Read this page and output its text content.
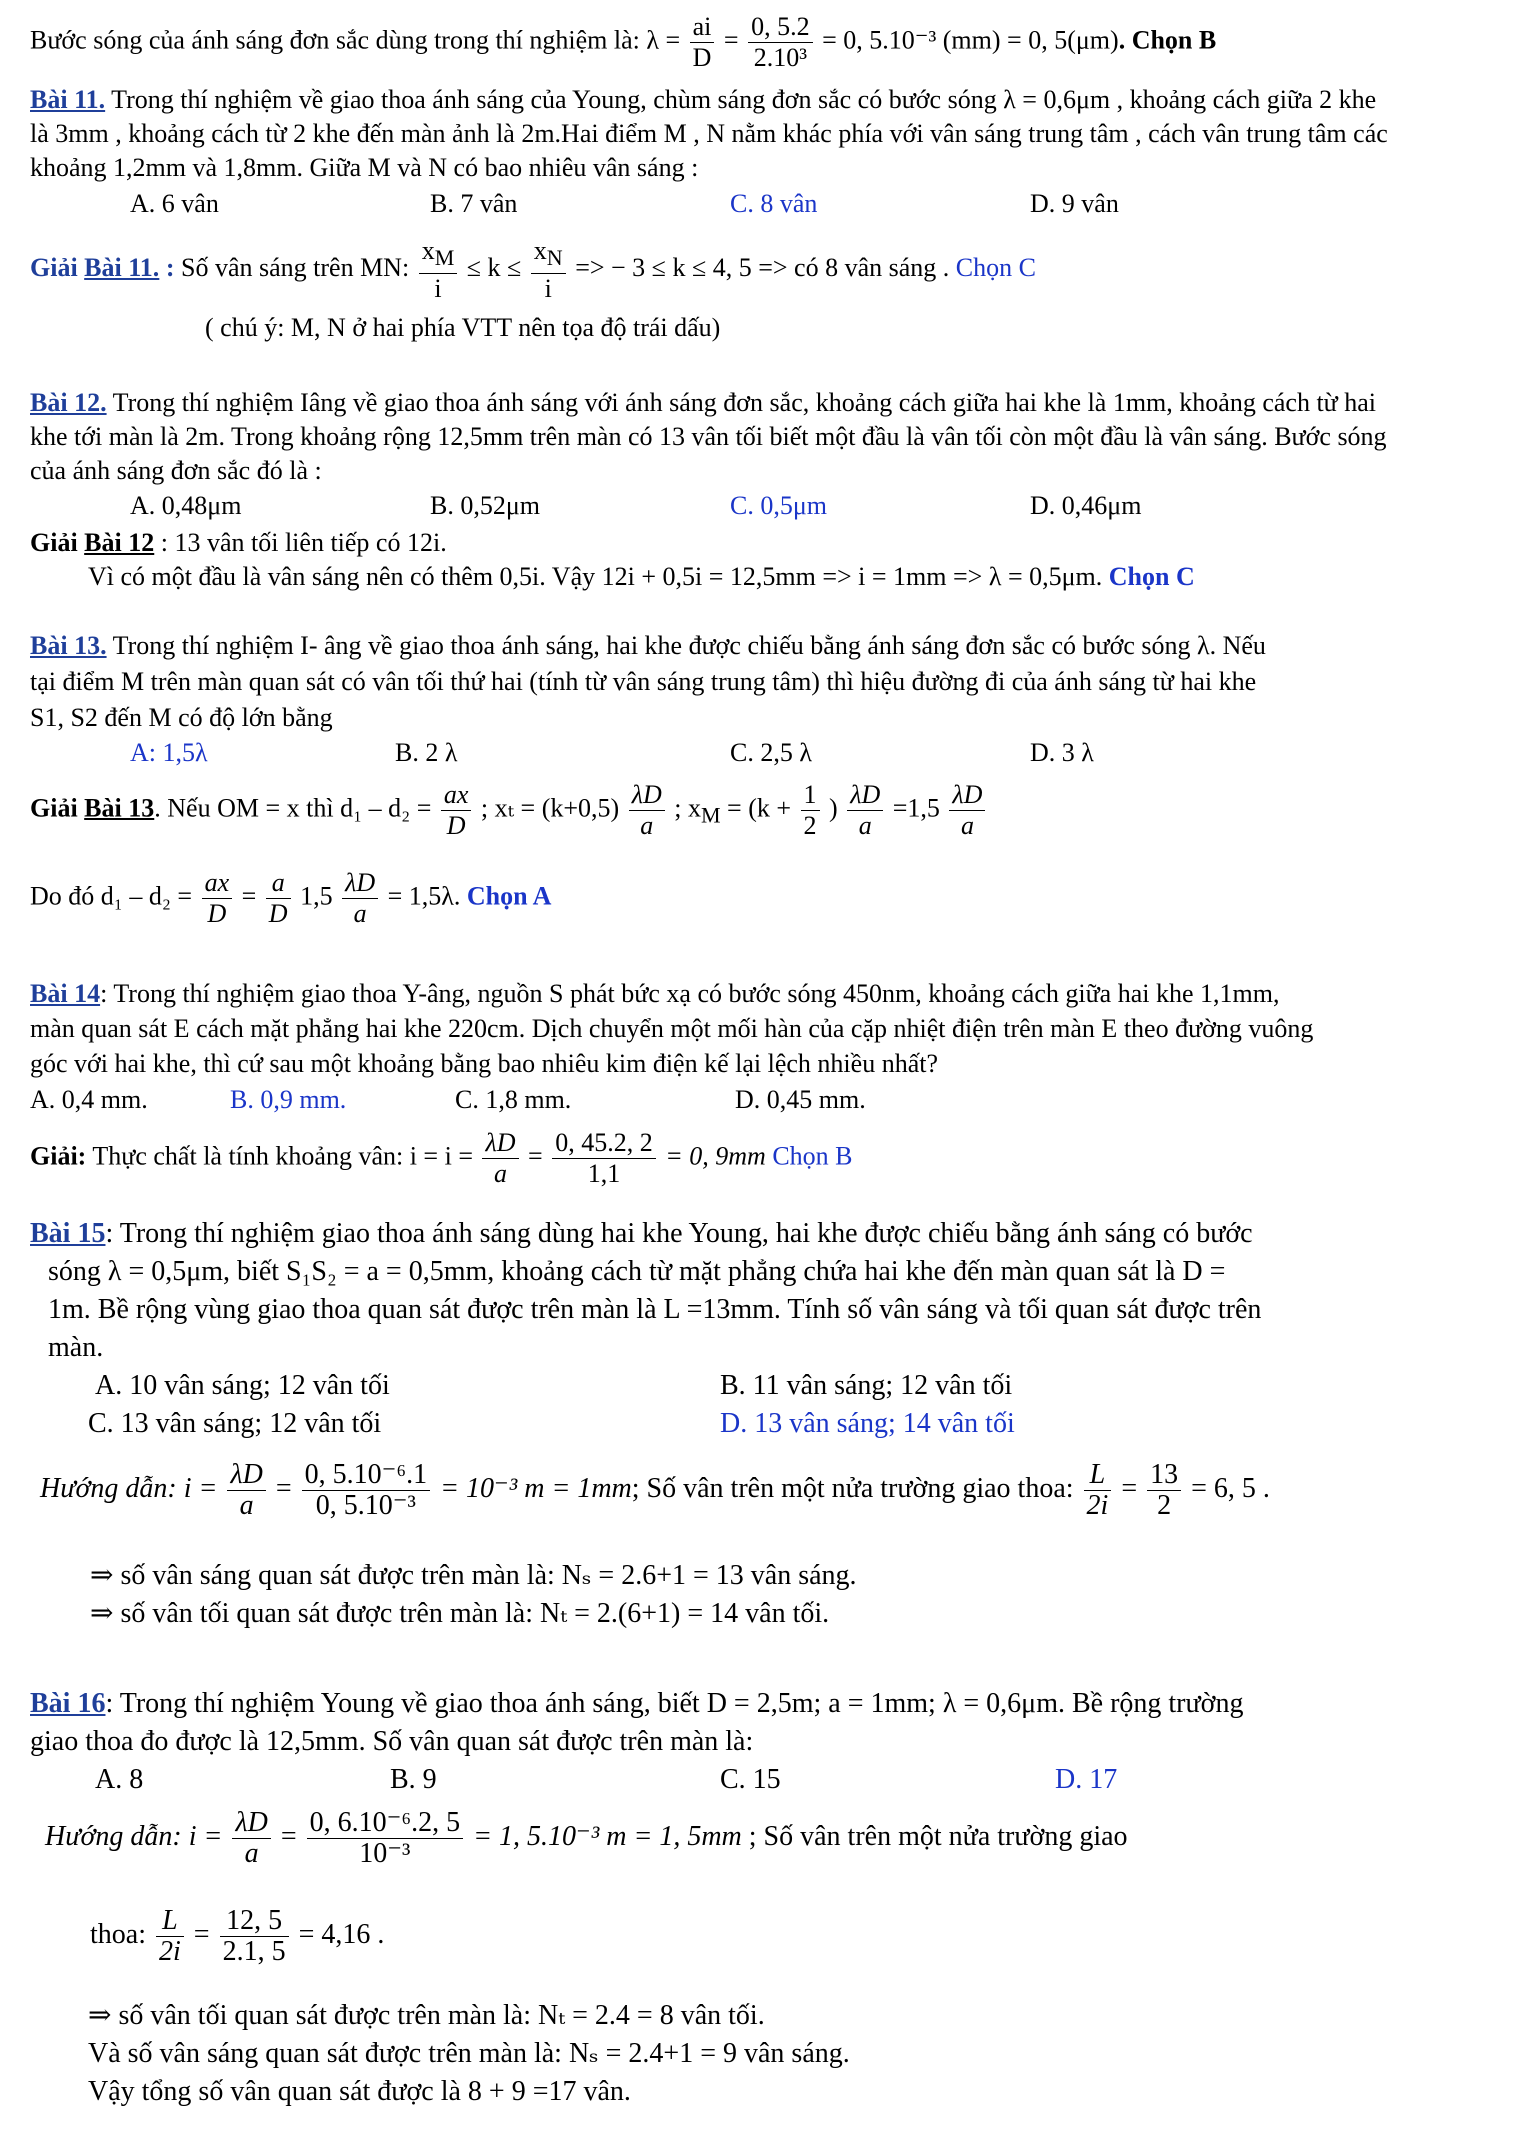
Bước sóng của ánh sáng đơn sắc dùng trong thí nghiệm là: $\lambda = \frac{ai}{D} = \frac{0, 5.2}{\text{2.10³}} = 0$, 5.10⁻³ (mm) = 0, 5(μm). Chọn B
Bài 11. Trong thí nghiệm về giao thoa ánh sáng của Young, chùm sáng đơn sắc có bước sóng λ = 0,6μm , khoảng cách giữa 2 khe
là 3mm , khoảng cách từ 2 khe đến màn ảnh là 2m.Hai điểm M , N nằm khác phía với vân sáng trung tâm , cách vân trung tâm các
khoảng 1,2mm và 1,8mm. Giữa M và N có bao nhiêu vân sáng :
A. 6 vân	B. 7 vân	C. 8 vân	D. 9 vân
Giải Bài 11. : Số vân sáng trên MN: $\frac{x_M}{i} \le k \le \frac{x_N}{i}$ => − 3 ≤ k ≤ 4, 5 => có 8 vân sáng . Chọn C
( chú ý: M, N ở hai phía VTT nên tọa độ trái dấu)
Bài 12. Trong thí nghiệm Iâng về giao thoa ánh sáng với ánh sáng đơn sắc, khoảng cách giữa hai khe là 1mm, khoảng cách từ hai
khe tới màn là 2m. Trong khoảng rộng 12,5mm trên màn có 13 vân tối biết một đầu là vân tối còn một đầu là vân sáng. Bước sóng
của ánh sáng đơn sắc đó là :
A. 0,48μm	B. 0,52μm	C. 0,5μm	D. 0,46μm
Giải Bài 12 : 13 vân tối liên tiếp có 12i.
Vì có một đầu là vân sáng nên có thêm 0,5i. Vậy 12i + 0,5i = 12,5mm => i = 1mm => λ = 0,5μm. Chọn C
Bài 13. Trong thí nghiệm I- âng về giao thoa ánh sáng, hai khe được chiếu bằng ánh sáng đơn sắc có bước sóng λ. Nếu
tại điểm M trên màn quan sát có vân tối thứ hai (tính từ vân sáng trung tâm) thì hiệu đường đi của ánh sáng từ hai khe
S1, S2 đến M có độ lớn bằng
A: 1,5λ	B. 2 λ	C. 2,5 λ	D. 3 λ
Giải Bài 13. Nếu OM = x thì $d_1 - d_2 = \frac{ax}{D}$ ; $x_t = (k+0,5) \frac{\lambda D}{a}$ ; $x_M = (k + \frac{1}{2}$ ) $\frac{\lambda D}{a} =1,5 \frac{\lambda D}{a}$
Do đó $d_1 - d_2 = \frac{ax}{D} = \frac{a}{D} 1,5 \frac{\lambda D}{a} = 1,5\lambda$. Chọn A
Bài 14: Trong thí nghiệm giao thoa Y-âng, nguồn S phát bức xạ có bước sóng 450nm, khoảng cách giữa hai khe 1,1mm,
màn quan sát E cách mặt phẳng hai khe 220cm. Dịch chuyển một mối hàn của cặp nhiệt điện trên màn E theo đường vuông
góc với hai khe, thì cứ sau một khoảng bằng bao nhiêu kim điện kế lại lệch nhiều nhất?
A. 0,4 mm.	B. 0,9 mm.	C. 1,8 mm.	D. 0,45 mm.
Giải: Thực chất là tính khoảng vân: $i = i = \frac{\lambda D}{a} = \frac{0, 45.2, 2}{1,1} = 0$, 9mm Chọn B
Bài 15: Trong thí nghiệm giao thoa ánh sáng dùng hai khe Young, hai khe được chiếu bằng ánh sáng có bước
sóng λ = 0,5μm, biết S₁S₂ = a = 0,5mm, khoảng cách từ mặt phẳng chứa hai khe đến màn quan sát là D =
1m. Bề rộng vùng giao thoa quan sát được trên màn là L =13mm. Tính số vân sáng và tối quan sát được trên
màn.
A. 10 vân sáng; 12 vân tối	B. 11 vân sáng; 12 vân tối
C. 13 vân sáng; 12 vân tối	D. 13 vân sáng; 14 vân tối
Hướng dẫn: $i = \frac{\lambda D}{a} = \frac{\text{0, 5.10⁻⁶.1}}{\text{0, 5.10⁻³}} = 10^{-3}$ m = 1mm; Số vân trên một nửa trường giao thoa: $\frac{L}{2i} = \frac{13}{2} = 6$, 5 .
⇒ số vân sáng quan sát được trên màn là: Nₛ = 2.6+1 = 13 vân sáng.
⇒ số vân tối quan sát được trên màn là: Nₜ = 2.(6+1) = 14 vân tối.
Bài 16: Trong thí nghiệm Young về giao thoa ánh sáng, biết D = 2,5m; a = 1mm; λ = 0,6μm. Bề rộng trường
giao thoa đo được là 12,5mm. Số vân quan sát được trên màn là:
A. 8	B. 9	C. 15	D. 17
Hướng dẫn: $i = \frac{\lambda D}{a} = \frac{\text{0, 6.10⁻⁶.2, 5}}{\text{10⁻³}} = 1$, 5.10⁻³ m = 1, 5mm ; Số vân trên một nửa trường giao
thoa: $\frac{L}{2i} = \frac{12, 5}{2.1, 5} = 4,16$ .
⇒ số vân tối quan sát được trên màn là: Nₜ = 2.4 = 8 vân tối.
Và số vân sáng quan sát được trên màn là: Nₛ = 2.4+1 = 9 vân sáng.
Vậy tổng số vân quan sát được là 8 + 9 =17 vân.
